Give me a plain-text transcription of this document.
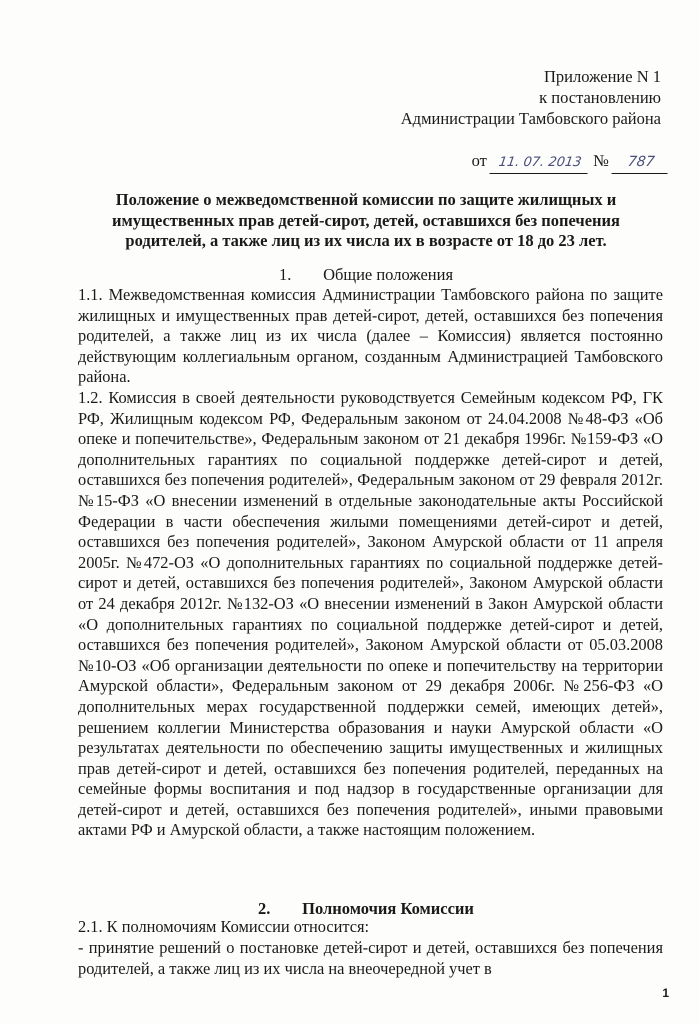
Приложение N 1
к постановлению
Администрации Тамбовского района
от 11. 07. 2013 № 787
Положение о межведомственной комиссии по защите жилищных и имущественных прав детей-сирот, детей, оставшихся без попечения родителей, а также лиц из их числа их в возрасте от 18 до 23 лет.
1. Общие положения

1.1. Межведомственная комиссия Администрации Тамбовского района по защите жилищных и имущественных прав детей-сирот, детей, оставшихся без попечения родителей, а также лиц из их числа (далее – Комиссия) является постоянно действующим коллегиальным органом, созданным Администрацией Тамбовского района.

1.2. Комиссия в своей деятельности руководствуется Семейным кодексом РФ, ГК РФ, Жилищным кодексом РФ, Федеральным законом от 24.04.2008 №48-ФЗ «Об опеке и попечительстве», Федеральным законом от 21 декабря 1996г. №159-ФЗ «О дополнительных гарантиях по социальной поддержке детей-сирот и детей, оставшихся без попечения родителей», Федеральным законом от 29 февраля 2012г. №15-ФЗ «О внесении изменений в отдельные законодательные акты Российской Федерации в части обеспечения жилыми помещениями детей-сирот и детей, оставшихся без попечения родителей», Законом Амурской области от 11 апреля 2005г. №472-ОЗ «О дополнительных гарантиях по социальной поддержке детей-сирот и детей, оставшихся без попечения родителей», Законом Амурской области от 24 декабря 2012г. №132-ОЗ «О внесении изменений в Закон Амурской области «О дополнительных гарантиях по социальной поддержке детей-сирот и детей, оставшихся без попечения родителей», Законом Амурской области от 05.03.2008 №10-ОЗ «Об организации деятельности по опеке и попечительству на территории Амурской области», Федеральным законом от 29 декабря 2006г. №256-ФЗ «О дополнительных мерах государственной поддержки семей, имеющих детей», решением коллегии Министерства образования и науки Амурской области «О результатах деятельности по обеспечению защиты имущественных и жилищных прав детей-сирот и детей, оставшихся без попечения родителей, переданных на семейные формы воспитания и под надзор в государственные организации для детей-сирот и детей, оставшихся без попечения родителей», иными правовыми актами РФ и Амурской области, а также настоящим положением.

2. Полномочия Комиссии

2.1. К полномочиям Комиссии относится:

- принятие решений о постановке детей-сирот и детей, оставшихся без попечения родителей, а также лиц из их числа на внеочередной учет в

1
